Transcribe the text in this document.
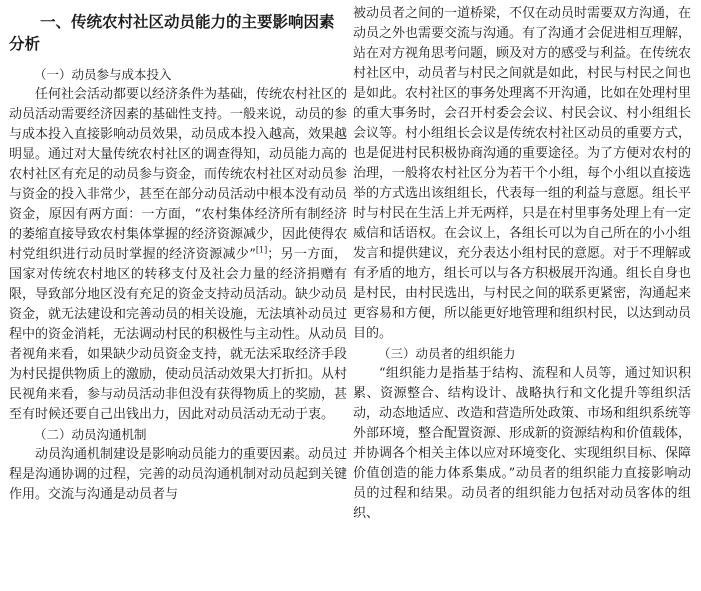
一、传统农村社区动员能力的主要影响因素分析

（一）动员参与成本投入

任何社会活动都要以经济条件为基础，传统农村社区的动员活动需要经济因素的基础性支持。一般来说，动员的参与成本投入直接影响动员效果，动员成本投入越高，效果越明显。通过对大量传统农村社区的调查得知，动员能力高的农村社区有充足的动员参与资金，而传统农村社区对动员参与资金的投入非常少，甚至在部分动员活动中根本没有动员资金，原因有两方面：一方面，“农村集体经济所有制经济的萎缩直接导致农村集体掌握的经济资源减少，因此使得农村党组织进行动员时掌握的经济资源减少”[1]；另一方面，国家对传统农村地区的转移支付及社会力量的经济捐赠有限，导致部分地区没有充足的资金支持动员活动。缺少动员资金，就无法建设和完善动员的相关设施，无法填补动员过程中的资金消耗，无法调动村民的积极性与主动性。从动员者视角来看，如果缺少动员资金支持，就无法采取经济手段为村民提供物质上的激励，使动员活动效果大打折扣。从村民视角来看，参与动员活动非但没有获得物质上的奖励，甚至有时候还要自己出钱出力，因此对动员活动无动于衷。

（二）动员沟通机制

动员沟通机制建设是影响动员能力的重要因素。动员过程是沟通协调的过程，完善的动员沟通机制对动员起到关键作用。交流与沟通是动员者与

被动员者之间的一道桥梁，不仅在动员时需要双方沟通，在动员之外也需要交流与沟通。有了沟通才会促进相互理解，站在对方视角思考问题，顾及对方的感受与利益。在传统农村社区中，动员者与村民之间就是如此，村民与村民之间也是如此。农村社区的事务处理离不开沟通，比如在处理村里的重大事务时，会召开村委会会议、村民会议、村小组组长会议等。村小组组长会议是传统农村社区动员的重要方式，也是促进村民积极协商沟通的重要途径。为了方便对农村的治理，一般将农村社区分为若干个小组，每个小组以直接选举的方式选出该组组长，代表每一组的利益与意愿。组长平时与村民在生活上并无两样，只是在村里事务处理上有一定威信和话语权。在会议上，各组长可以为自己所在的小小组发言和提供建议，充分表达小组村民的意愿。对于不理解或有矛盾的地方，组长可以与各方积极展开沟通。组长自身也是村民，由村民选出，与村民之间的联系更紧密，沟通起来更容易和方便，所以能更好地管理和组织村民，以达到动员目的。

（三）动员者的组织能力

“组织能力是指基于结构、流程和人员等，通过知识积累、资源整合、结构设计、战略执行和文化提升等组织活动，动态地适应、改造和营造所处政策、市场和组织系统等外部环境，整合配置资源、形成新的资源结构和价值载体，并协调各个相关主体以应对环境变化、实现组织目标、保障价值创造的能力体系集成。”动员者的组织能力直接影响动员的过程和结果。动员者的组织能力包括对动员客体的组织、
